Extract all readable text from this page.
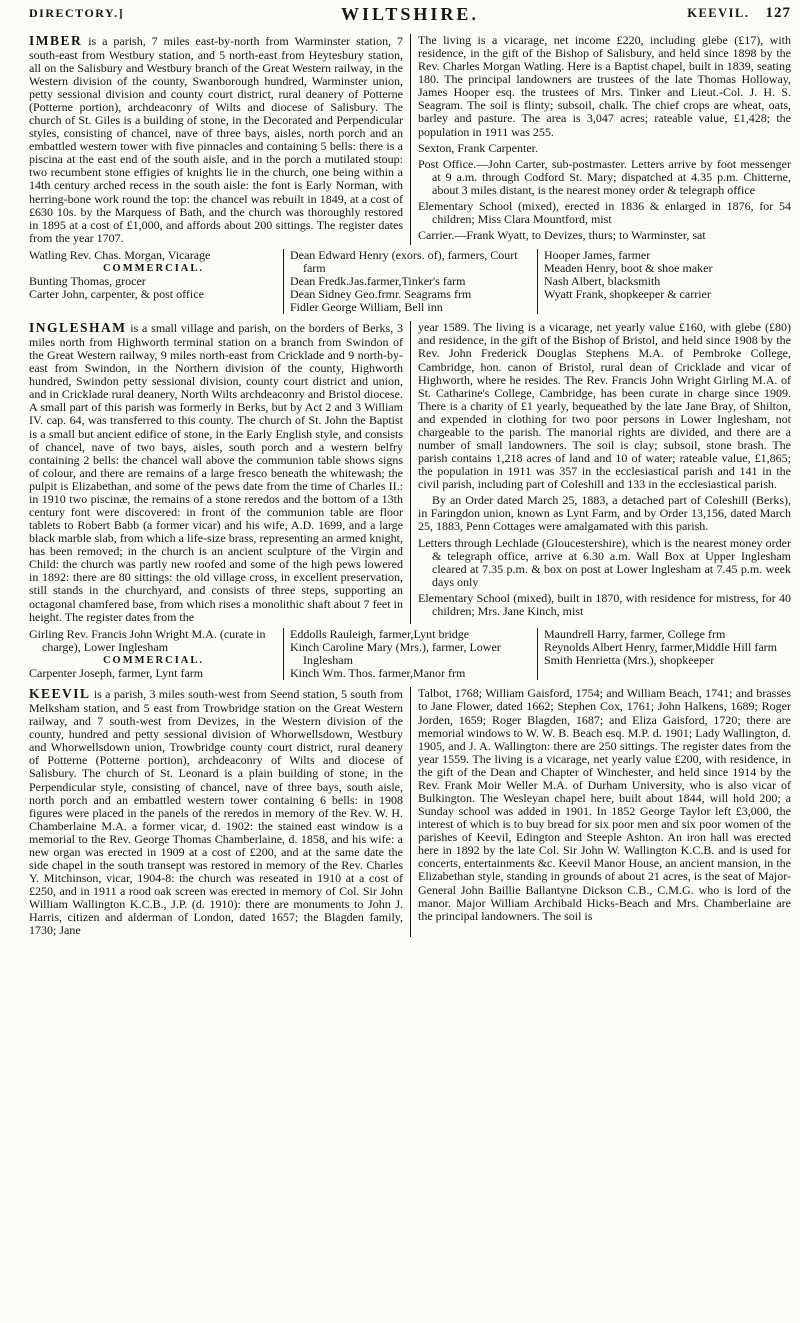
DIRECTORY.]	WILTSHIRE.	KEEVIL. 127

IMBER is a parish, 7 miles east-by-north from Warminster station, 7 south-east from Westbury station, and 5 north-east from Heytesbury station, all on the Salisbury and Westbury branch of the Great Western railway, in the Western division of the county, Swanborough hundred, Warminster union, petty sessional division and county court district, rural deanery of Potterne (Potterne portion), archdeaconry of Wilts and diocese of Salisbury. The church of St. Giles is a building of stone, in the Decorated and Perpendicular styles, consisting of chancel, nave of three bays, aisles, north porch and an embattled western tower with five pinnacles and containing 5 bells: there is a piscina at the east end of the south aisle, and in the porch a mutilated stoup: two recumbent stone effigies of knights lie in the church, one being within a 14th century arched recess in the south aisle: the font is Early Norman, with herring-bone work round the top: the chancel was rebuilt in 1849, at a cost of £630 10s. by the Marquess of Bath, and the church was thoroughly restored in 1895 at a cost of £1,000, and affords about 200 sittings. The register dates from the year 1707.

The living is a vicarage, net income £220, including glebe (£17), with residence, in the gift of the Bishop of Salisbury, and held since 1898 by the Rev. Charles Morgan Watling. Here is a Baptist chapel, built in 1839, seating 180. The principal landowners are trustees of the late Thomas Holloway, James Hooper esq. the trustees of Mrs. Tinker and Lieut.-Col. J. H. S. Seagram. The soil is flinty; subsoil, chalk. The chief crops are wheat, oats, barley and pasture. The area is 3,047 acres; rateable value, £1,428; the population in 1911 was 255.

Sexton, Frank Carpenter.

Post Office.—John Carter, sub-postmaster. Letters arrive by foot messenger at 9 a.m. through Codford St. Mary; dispatched at 4.35 p.m. Chitterne, about 3 miles distant, is the nearest money order & telegraph office

Elementary School (mixed), erected in 1836 & enlarged in 1876, for 54 children; Miss Clara Mountford, mist

Carrier.—Frank Wyatt, to Devizes, thurs; to Warminster, sat

Watling Rev. Chas. Morgan, Vicarage

COMMERCIAL.

Bunting Thomas, grocer

Carter John, carpenter, & post office

Dean Edward Henry (exors. of), farmers, Court farm

Dean Fredk.Jas.farmer,Tinker's farm

Dean Sidney Geo.frmr. Seagrams frm

Fidler George William, Bell inn

Hooper James, farmer

Meaden Henry, boot & shoe maker

Nash Albert, blacksmith

Wyatt Frank, shopkeeper & carrier

INGLESHAM is a small village and parish, on the borders of Berks, 3 miles north from Highworth terminal station on a branch from Swindon of the Great Western railway, 9 miles north-east from Cricklade and 9 north-by-east from Swindon, in the Northern division of the county, Highworth hundred, Swindon petty sessional division, county court district and union, and in Cricklade rural deanery, North Wilts archdeaconry and Bristol diocese. A small part of this parish was formerly in Berks, but by Act 2 and 3 William IV. cap. 64, was transferred to this county. The church of St. John the Baptist is a small but ancient edifice of stone, in the Early English style, and consists of chancel, nave of two bays, aisles, south porch and a western belfry containing 2 bells: the chancel wall above the communion table shows signs of colour, and there are remains of a large fresco beneath the whitewash; the pulpit is Elizabethan, and some of the pews date from the time of Charles II.: in 1910 two piscinæ, the remains of a stone reredos and the bottom of a 13th century font were discovered: in front of the communion table are floor tablets to Robert Babb (a former vicar) and his wife, A.D. 1699, and a large black marble slab, from which a life-size brass, representing an armed knight, has been removed; in the church is an ancient sculpture of the Virgin and Child: the church was partly new roofed and some of the high pews lowered in 1892: there are 80 sittings: the old village cross, in excellent preservation, still stands in the churchyard, and consists of three steps, supporting an octagonal chamfered base, from which rises a monolithic shaft about 7 feet in height. The register dates from the

year 1589. The living is a vicarage, net yearly value £160, with glebe (£80) and residence, in the gift of the Bishop of Bristol, and held since 1908 by the Rev. John Frederick Douglas Stephens M.A. of Pembroke College, Cambridge, hon. canon of Bristol, rural dean of Cricklade and vicar of Highworth, where he resides. The Rev. Francis John Wright Girling M.A. of St. Catharine's College, Cambridge, has been curate in charge since 1909. There is a charity of £1 yearly, bequeathed by the late Jane Bray, of Shilton, and expended in clothing for two poor persons in Lower Inglesham, not chargeable to the parish. The manorial rights are divided, and there are a number of small landowners. The soil is clay; subsoil, stone brash. The parish contains 1,218 acres of land and 10 of water; rateable value, £1,865; the population in 1911 was 357 in the ecclesiastical parish and 141 in the civil parish, including part of Coleshill and 133 in the ecclesiastical parish.

By an Order dated March 25, 1883, a detached part of Coleshill (Berks), in Faringdon union, known as Lynt Farm, and by Order 13,156, dated March 25, 1883, Penn Cottages were amalgamated with this parish.

Letters through Lechlade (Gloucestershire), which is the nearest money order & telegraph office, arrive at 6.30 a.m. Wall Box at Upper Inglesham cleared at 7.35 p.m. & box on post at Lower Inglesham at 7.45 p.m. week days only

Elementary School (mixed), built in 1870, with residence for mistress, for 40 children; Mrs. Jane Kinch, mist

Girling Rev. Francis John Wright M.A. (curate in charge), Lower Inglesham

COMMERCIAL.

Carpenter Joseph, farmer, Lynt farm

Eddolls Rauleigh, farmer,Lynt bridge

Kinch Caroline Mary (Mrs.), farmer, Lower Inglesham

Kinch Wm. Thos. farmer,Manor frm

Maundrell Harry, farmer, College frm

Reynolds Albert Henry, farmer,Middle Hill farm

Smith Henrietta (Mrs.), shopkeeper

KEEVIL is a parish, 3 miles south-west from Seend station, 5 south from Melksham station, and 5 east from Trowbridge station on the Great Western railway, and 7 south-west from Devizes, in the Western division of the county, hundred and petty sessional division of Whorwellsdown, Westbury and Whorwellsdown union, Trowbridge county court district, rural deanery of Potterne (Potterne portion), archdeaconry of Wilts and diocese of Salisbury. The church of St. Leonard is a plain building of stone, in the Perpendicular style, consisting of chancel, nave of three bays, south aisle, north porch and an embattled western tower containing 6 bells: in 1908 figures were placed in the panels of the reredos in memory of the Rev. W. H. Chamberlaine M.A. a former vicar, d. 1902: the stained east window is a memorial to the Rev. George Thomas Chamberlaine, d. 1858, and his wife: a new organ was erected in 1909 at a cost of £200, and at the same date the side chapel in the south transept was restored in memory of the Rev. Charles Y. Mitchinson, vicar, 1904-8: the church was reseated in 1910 at a cost of £250, and in 1911 a rood oak screen was erected in memory of Col. Sir John William Wallington K.C.B., J.P. (d. 1910): there are monuments to John J. Harris, citizen and alderman of London, dated 1657; the Blagden family, 1730; Jane

Talbot, 1768; William Gaisford, 1754; and William Beach, 1741; and brasses to Jane Flower, dated 1662; Stephen Cox, 1761; John Halkens, 1689; Roger Jorden, 1659; Roger Blagden, 1687; and Eliza Gaisford, 1720; there are memorial windows to W. W. B. Beach esq. M.P. d. 1901; Lady Wallington, d. 1905, and J. A. Wallington: there are 250 sittings. The register dates from the year 1559. The living is a vicarage, net yearly value £200, with residence, in the gift of the Dean and Chapter of Winchester, and held since 1914 by the Rev. Frank Moir Weller M.A. of Durham University, who is also vicar of Bulkington. The Wesleyan chapel here, built about 1844, will hold 200; a Sunday school was added in 1901. In 1852 George Taylor left £3,000, the interest of which is to buy bread for six poor men and six poor women of the parishes of Keevil, Edington and Steeple Ashton. An iron hall was erected here in 1892 by the late Col. Sir John W. Wallington K.C.B. and is used for concerts, entertainments &c. Keevil Manor House, an ancient mansion, in the Elizabethan style, standing in grounds of about 21 acres, is the seat of Major-General John Baillie Ballantyne Dickson C.B., C.M.G. who is lord of the manor. Major William Archibald Hicks-Beach and Mrs. Chamberlaine are the principal landowners. The soil is
